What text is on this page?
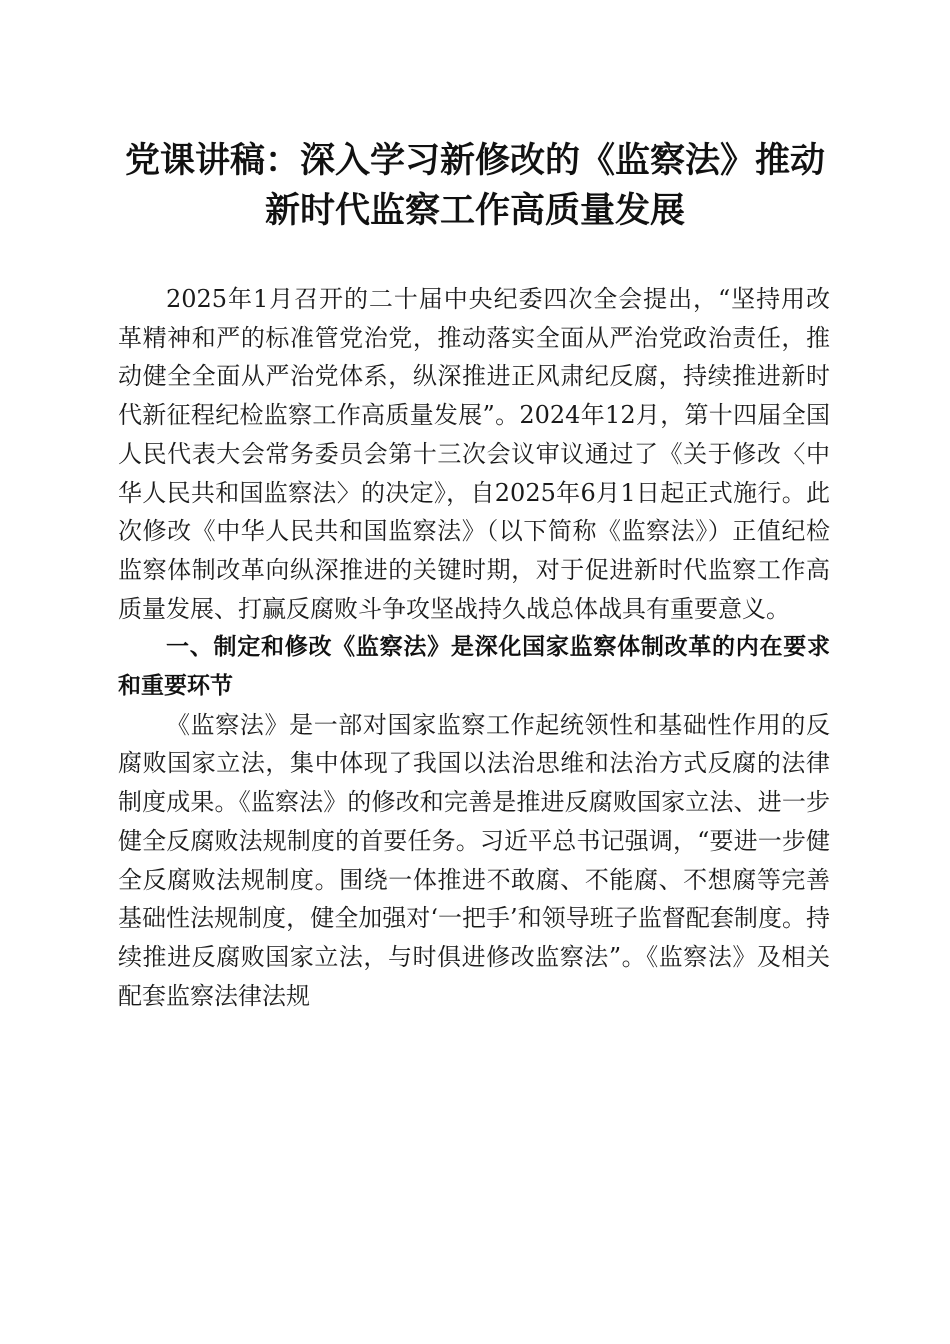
党课讲稿：深入学习新修改的《监察法》推动
新时代监察工作高质量发展

2025年1月召开的二十届中央纪委四次全会提出，“坚持用改革精神和严的标准管党治党，推动落实全面从严治党政治责任，推动健全全面从严治党体系，纵深推进正风肃纪反腐，持续推进新时代新征程纪检监察工作高质量发展”。2024年12月，第十四届全国人民代表大会常务委员会第十三次会议审议通过了《关于修改〈中华人民共和国监察法〉的决定》，自2025年6月1日起正式施行。此次修改《中华人民共和国监察法》（以下简称《监察法》）正值纪检监察体制改革向纵深推进的关键时期，对于促进新时代监察工作高质量发展、打赢反腐败斗争攻坚战持久战总体战具有重要意义。

一、制定和修改《监察法》是深化国家监察体制改革的内在要求和重要环节

《监察法》是一部对国家监察工作起统领性和基础性作用的反腐败国家立法，集中体现了我国以法治思维和法治方式反腐的法律制度成果。《监察法》的修改和完善是推进反腐败国家立法、进一步健全反腐败法规制度的首要任务。习近平总书记强调，“要进一步健全反腐败法规制度。围绕一体推进不敢腐、不能腐、不想腐等完善基础性法规制度，健全加强对‘一把手’和领导班子监督配套制度。持续推进反腐败国家立法，与时俱进修改监察法”。《监察法》及相关配套监察法律法规
